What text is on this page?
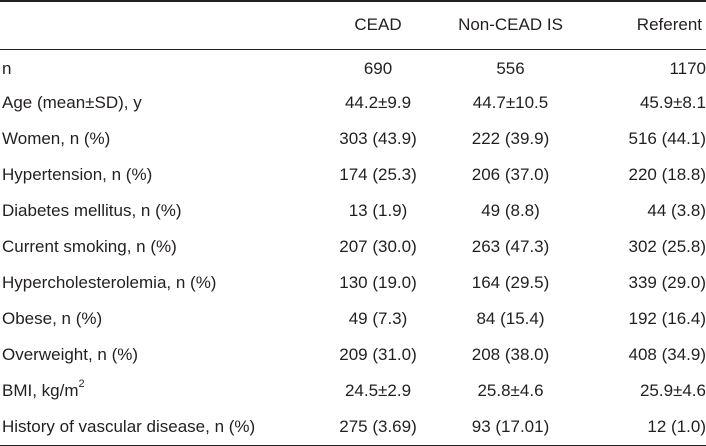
	CEAD	Non-CEAD IS	Referent
n	690	556	1170
Age (mean±SD), y	44.2±9.9	44.7±10.5	45.9±8.1
Women, n (%)	303 (43.9)	222 (39.9)	516 (44.1)
Hypertension, n (%)	174 (25.3)	206 (37.0)	220 (18.8)
Diabetes mellitus, n (%)	13 (1.9)	49 (8.8)	44 (3.8)
Current smoking, n (%)	207 (30.0)	263 (47.3)	302 (25.8)
Hypercholesterolemia, n (%)	130 (19.0)	164 (29.5)	339 (29.0)
Obese, n (%)	49 (7.3)	84 (15.4)	192 (16.4)
Overweight, n (%)	209 (31.0)	208 (38.0)	408 (34.9)
BMI, $kg/m^2$	24.5±2.9	25.8±4.6	25.9±4.6
History of vascular disease, n (%)	275 (3.69)	93 (17.01)	12 (1.0)
